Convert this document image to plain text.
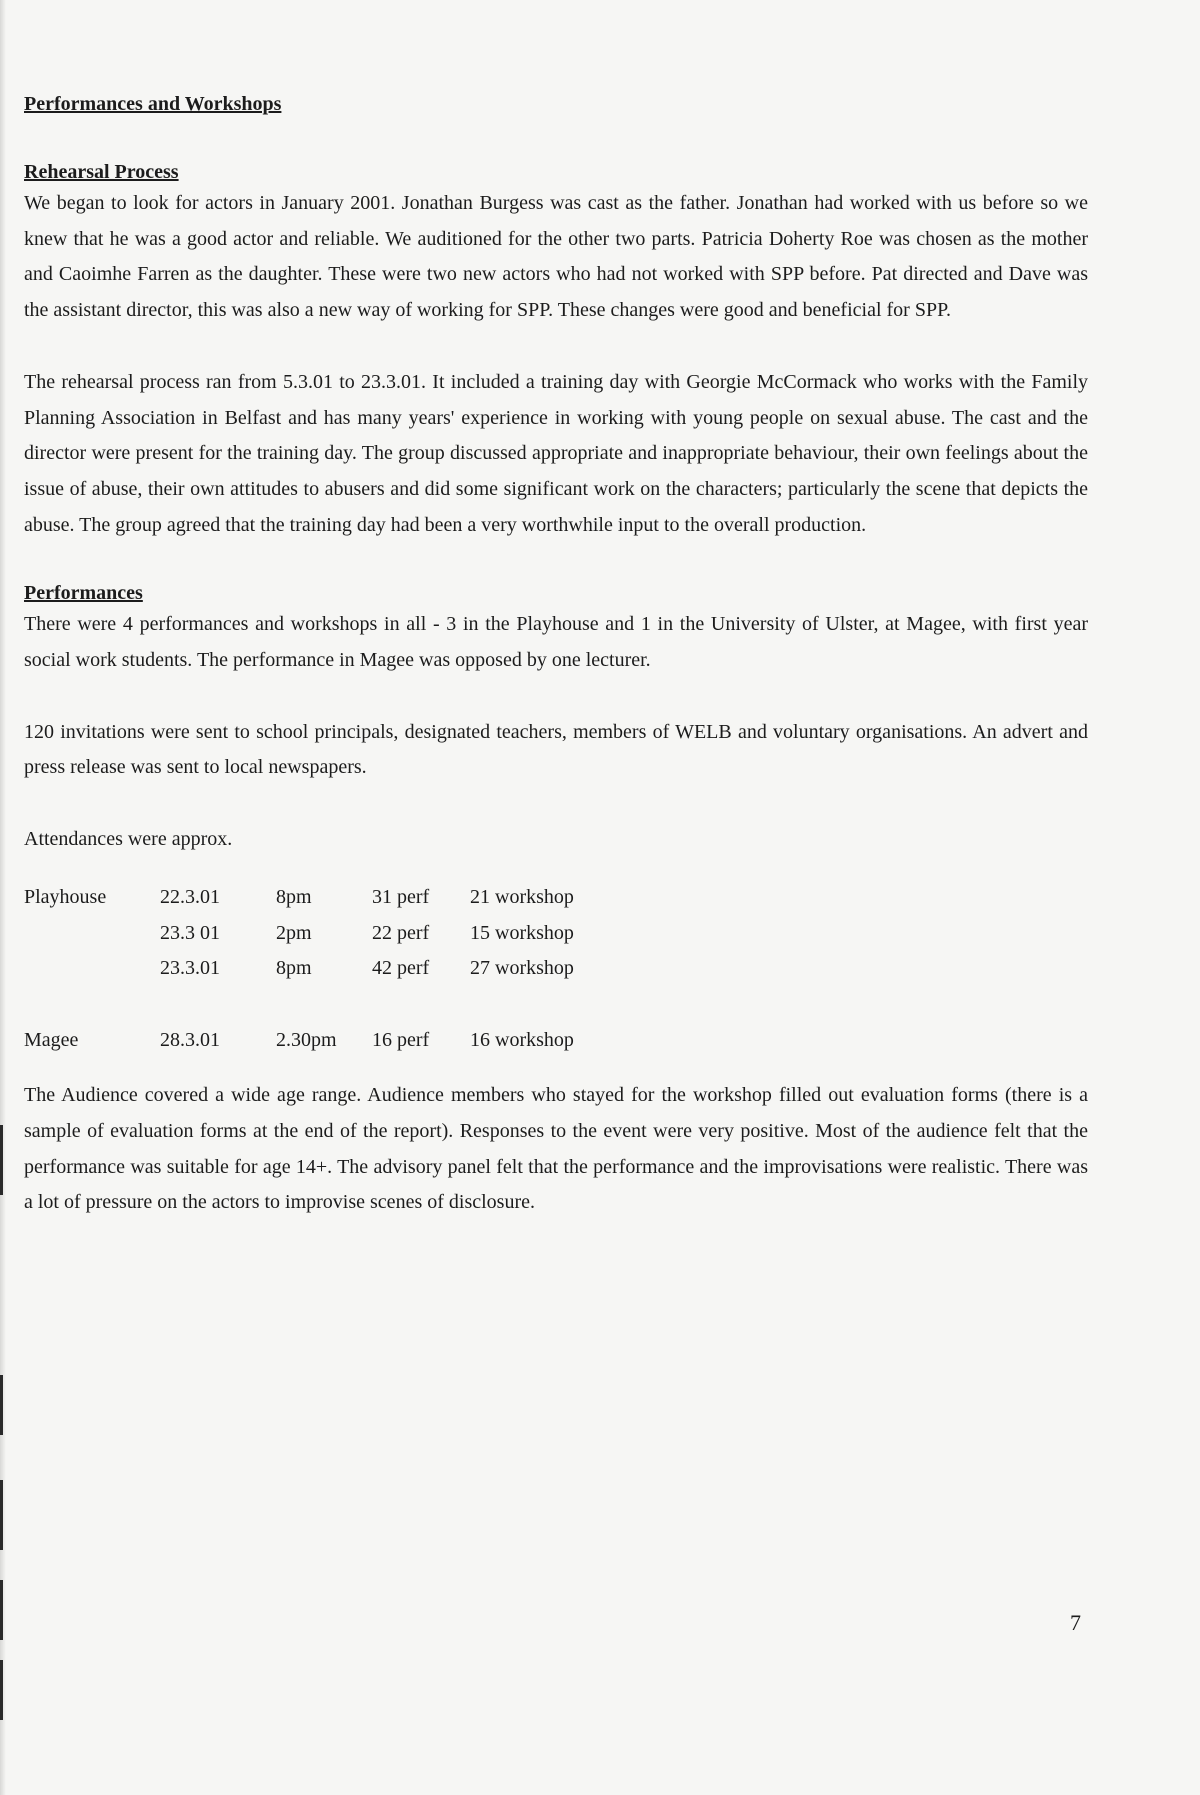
Performances and Workshops
Rehearsal Process

We began to look for actors in January 2001. Jonathan Burgess was cast as the father. Jonathan had worked with us before so we knew that he was a good actor and reliable. We auditioned for the other two parts. Patricia Doherty Roe was chosen as the mother and Caoimhe Farren as the daughter. These were two new actors who had not worked with SPP before. Pat directed and Dave was the assistant director, this was also a new way of working for SPP. These changes were good and beneficial for SPP.

The rehearsal process ran from 5.3.01 to 23.3.01. It included a training day with Georgie McCormack who works with the Family Planning Association in Belfast and has many years' experience in working with young people on sexual abuse. The cast and the director were present for the training day. The group discussed appropriate and inappropriate behaviour, their own feelings about the issue of abuse, their own attitudes to abusers and did some significant work on the characters; particularly the scene that depicts the abuse. The group agreed that the training day had been a very worthwhile input to the overall production.

Performances

There were 4 performances and workshops in all - 3 in the Playhouse and 1 in the University of Ulster, at Magee, with first year social work students. The performance in Magee was opposed by one lecturer.

120 invitations were sent to school principals, designated teachers, members of WELB and voluntary organisations. An advert and press release was sent to local newspapers.

Attendances were approx.

Playhouse	22.3.01	8pm	31 perf	21 workshop
	23.3 01	2pm	22 perf	15 workshop
	23.3.01	8pm	42 perf	27 workshop

Magee	28.3.01	2.30pm	16 perf	16 workshop

The Audience covered a wide age range. Audience members who stayed for the workshop filled out evaluation forms (there is a sample of evaluation forms at the end of the report). Responses to the event were very positive. Most of the audience felt that the performance was suitable for age 14+. The advisory panel felt that the performance and the improvisations were realistic. There was a lot of pressure on the actors to improvise scenes of disclosure.

7
